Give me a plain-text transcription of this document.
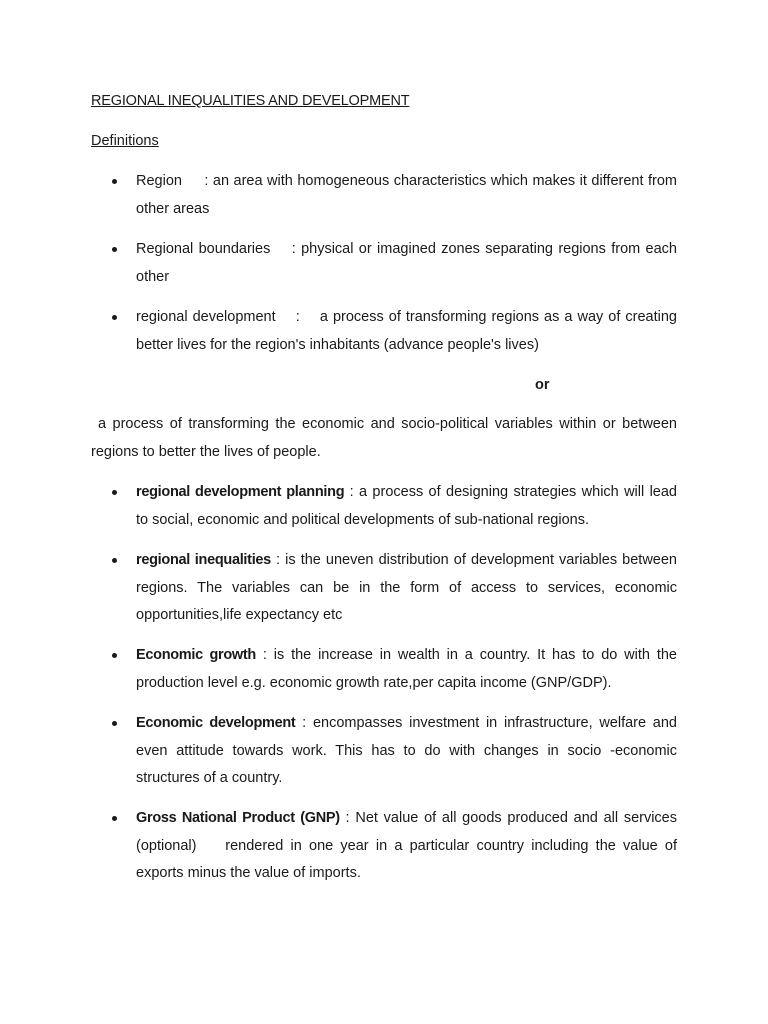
REGIONAL INEQUALITIES AND DEVELOPMENT
Definitions

Region     : an area with homogeneous characteristics which makes it different from other areas

Regional boundaries    : physical or imagined zones separating regions from each other

regional development    :    a process of transforming regions as a way of creating better lives for the region's inhabitants (advance people's lives)

or

a process of transforming the economic and socio-political variables within or between regions to better the lives of people.

regional development planning : a process of designing strategies which will lead to social, economic and political developments of sub-national regions.

regional inequalities : is the uneven distribution of development variables between regions. The variables can be in the form of access to services, economic opportunities,life expectancy etc

Economic growth : is the increase in wealth in a country. It has to do with the production level e.g. economic growth rate,per capita income (GNP/GDP).

Economic development : encompasses investment in infrastructure, welfare and even attitude towards work. This has to do with changes in socio -economic structures of a country.

Gross National Product (GNP) : Net value of all goods produced and all services (optional)    rendered in one year in a particular country including the value of exports minus the value of imports.
